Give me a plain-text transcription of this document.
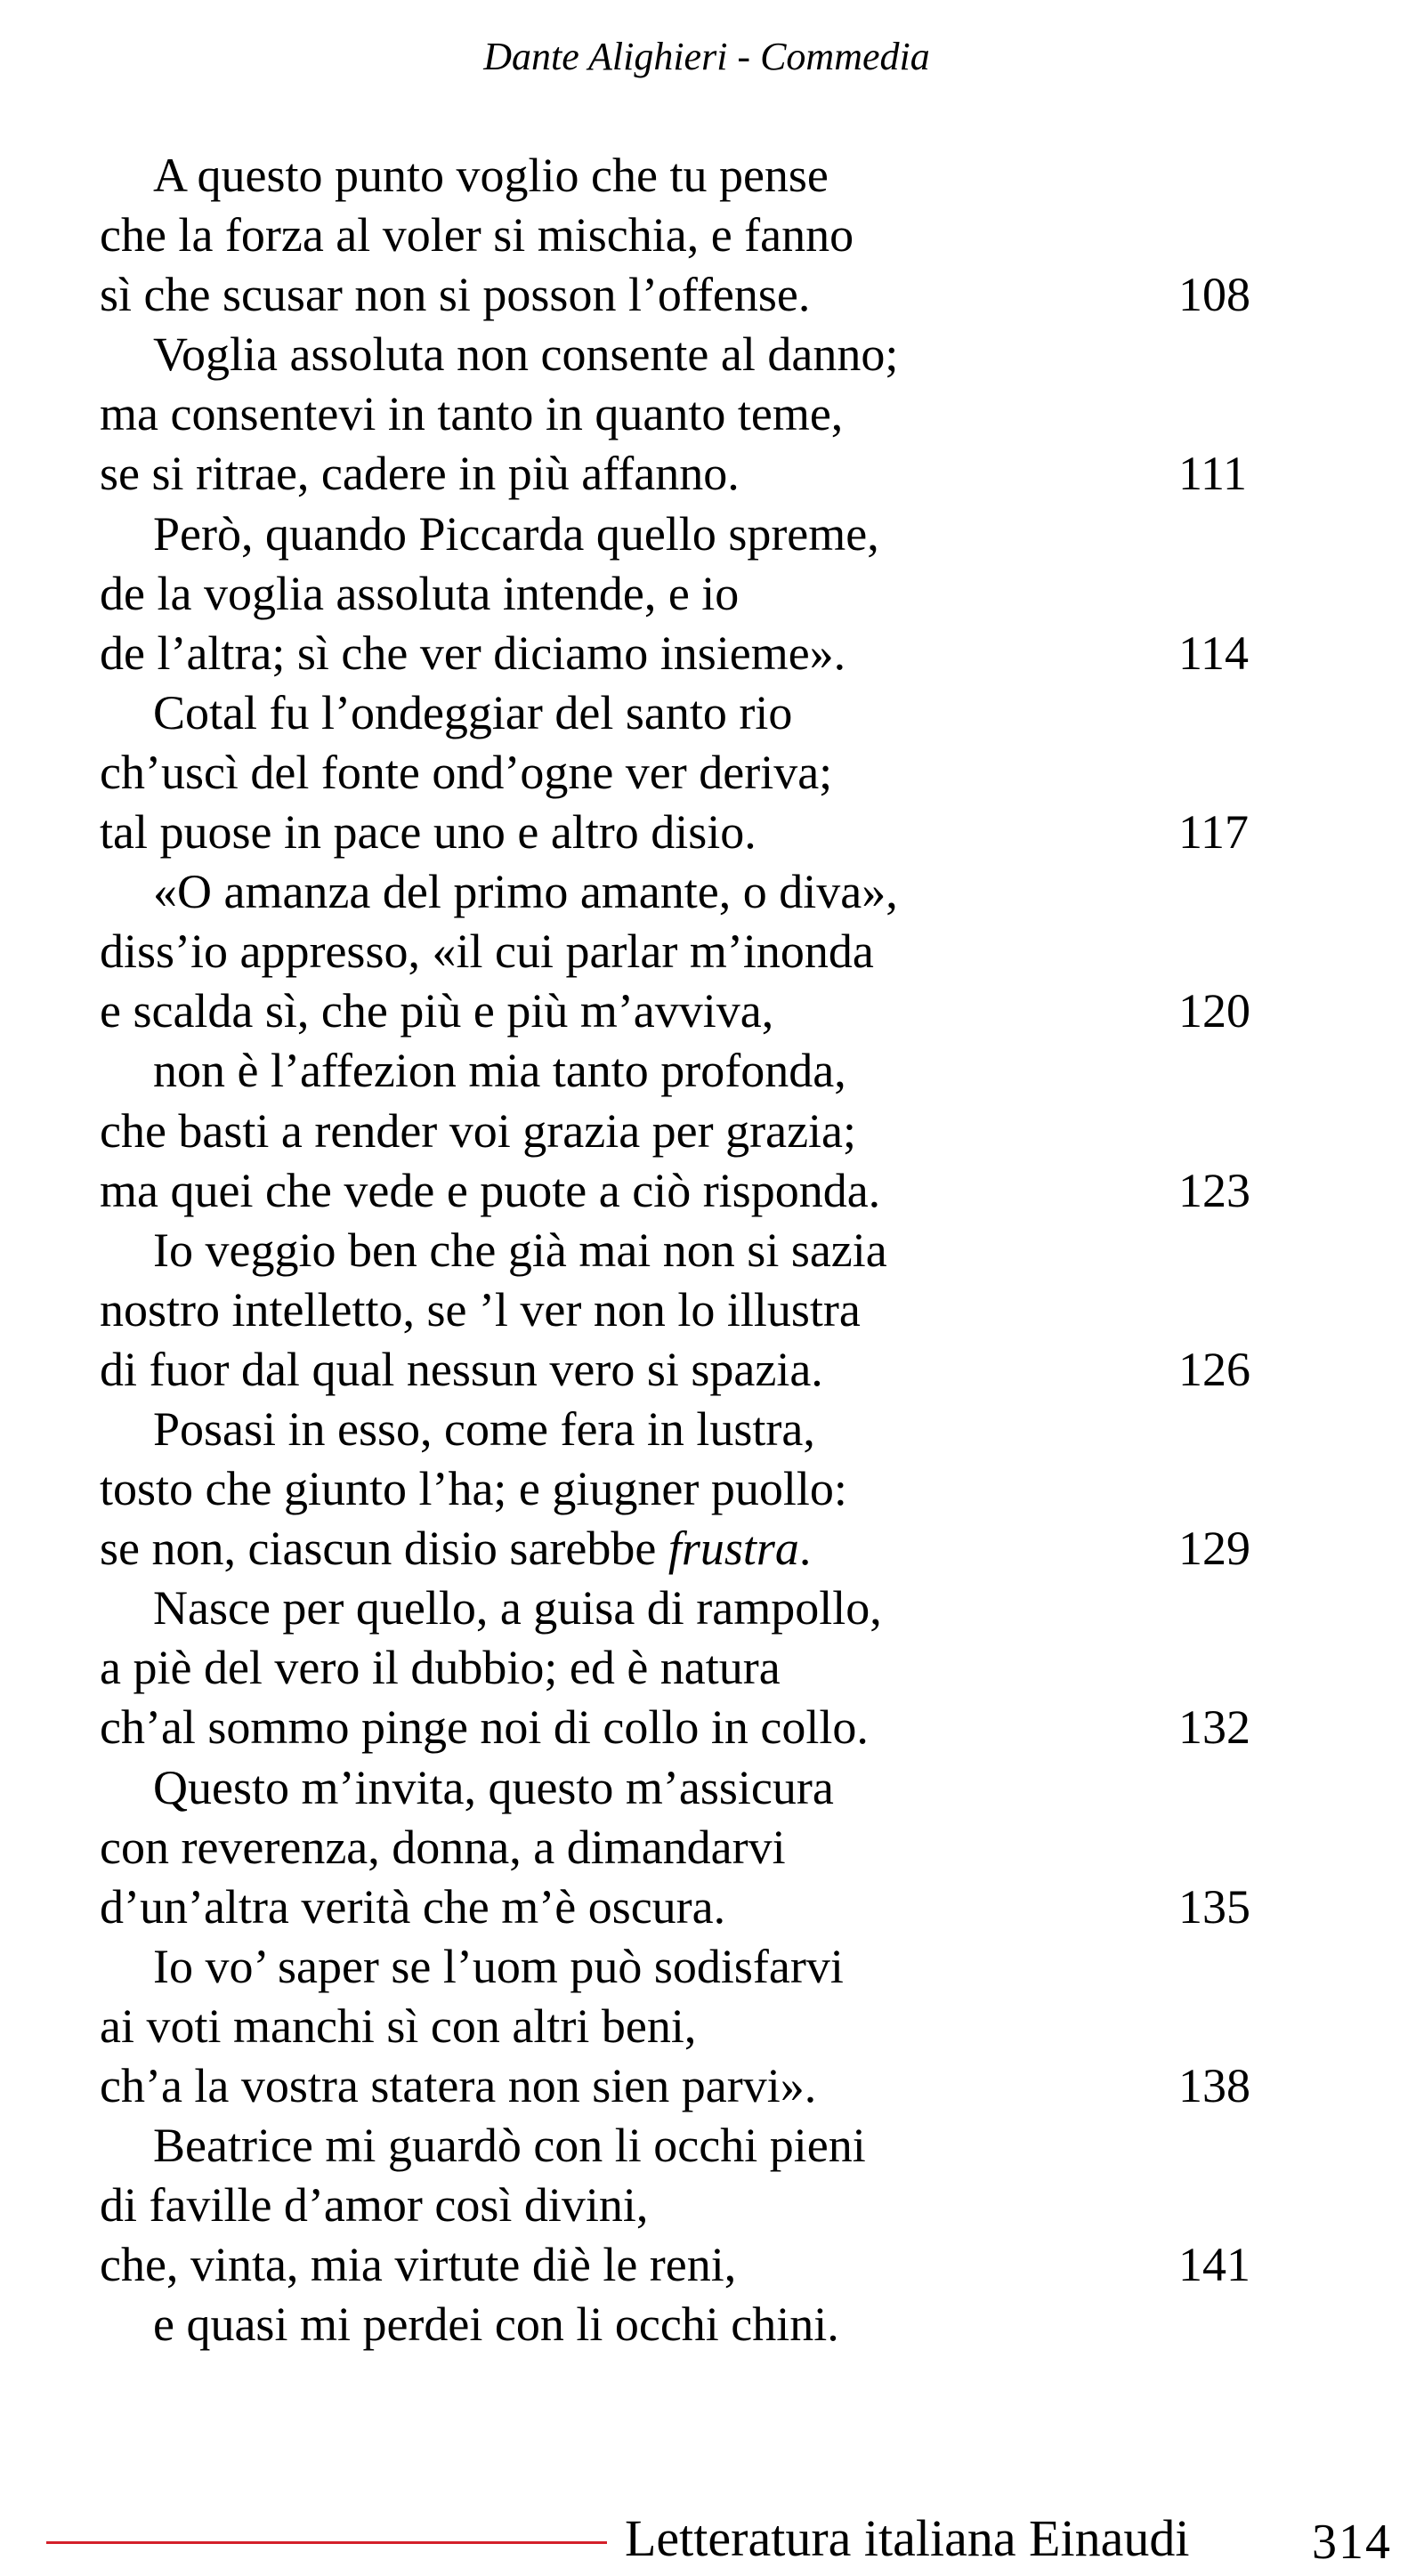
Dante Alighieri - Commedia
A questo punto voglio che tu pense
che la forza al voler si mischia, e fanno
sì che scusar non si posson l’offense.	108
Voglia assoluta non consente al danno;
ma consentevi in tanto in quanto teme,
se si ritrae, cadere in più affanno.	111
Però, quando Piccarda quello spreme,
de la voglia assoluta intende, e io
de l’altra; sì che ver diciamo insieme».	114
Cotal fu l’ondeggiar del santo rio
ch’uscì del fonte ond’ogne ver deriva;
tal puose in pace uno e altro disio.	117
«O amanza del primo amante, o diva»,
diss’io appresso, «il cui parlar m’inonda
e scalda sì, che più e più m’avviva,	120
non è l’affezion mia tanto profonda,
che basti a render voi grazia per grazia;
ma quei che vede e puote a ciò risponda.	123
Io veggio ben che già mai non si sazia
nostro intelletto, se ’l ver non lo illustra
di fuor dal qual nessun vero si spazia.	126
Posasi in esso, come fera in lustra,
tosto che giunto l’ha; e giugner puollo:
se non, ciascun disio sarebbe frustra.	129
Nasce per quello, a guisa di rampollo,
a piè del vero il dubbio; ed è natura
ch’al sommo pinge noi di collo in collo.	132
Questo m’invita, questo m’assicura
con reverenza, donna, a dimandarvi
d’un’altra verità che m’è oscura.	135
Io vo’ saper se l’uom può sodisfarvi
ai voti manchi sì con altri beni,
ch’a la vostra statera non sien parvi».	138
Beatrice mi guardò con li occhi pieni
di faville d’amor così divini,
che, vinta, mia virtute diè le reni,	141
e quasi mi perdei con li occhi chini.
Letteratura italiana Einaudi 314
